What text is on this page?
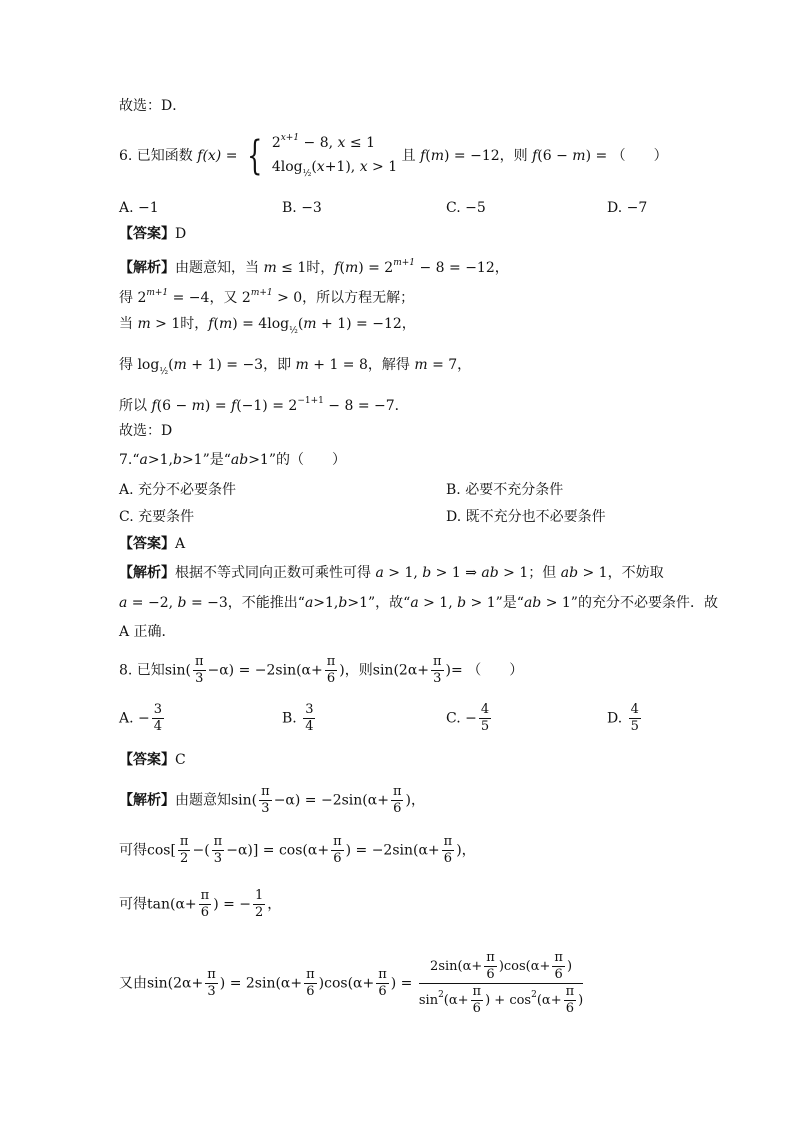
故选：D．
6. 已知函数 f(x) = { $2^{x+1} - 8$, x ≤ 1
$4\log_{\frac{1}{2}}(x+1)$, x > 1
且 f(m) = −12，则 f(6 − m) = （　　）
A. −1	B. −3	C. −5	D. −7
【答案】D
【解析】由题意知，当 m ≤ 1时，$f(m) = 2^{m+1} - 8 = -12$，
得 $2^{m+1} = -4$，又 $2^{m+1} > 0$，所以方程无解；
当 m > 1时，$f(m) = 4\log_{\frac{1}{2}}(m + 1) = -12$，
得 $\log_{\frac{1}{2}}(m + 1) = -3$，即 m + 1 = 8，解得 m = 7，
所以 $f(6 - m) = f(-1) = 2^{-1+1} - 8 = -7$．
故选：D
7.“a>1,b>1”是“ab>1”的（　　）
A. 充分不必要条件	B. 必要不充分条件
C. 充要条件	D. 既不充分也不必要条件
【答案】A
【解析】根据不等式同向正数可乘性可得 a > 1, b > 1 ⇒ ab > 1；但 ab > 1，不妨取
a = −2, b = −3，不能推出“a>1,b>1”，故“a > 1, b > 1”是“ab > 1”的充分不必要条件．故
A 正确．
8. 已知$\sin( \frac{\pi}{3} -\alpha) = -2\sin(\alpha+ \frac{\pi}{6}$ )，则$\sin(2\alpha+ \frac{\pi}{3}$ )= （　　）
A. − $\frac{3}{4}$	B. $\frac{3}{4}$	C. − $\frac{4}{5}$	D. $\frac{4}{5}$
【答案】C
【解析】由题意知$\sin( \frac{\pi}{3} -\alpha) = -2\sin(\alpha+ \frac{\pi}{6}$ )，
可得$\cos[ \frac{\pi}{2}$ −( $\frac{\pi}{3} -\alpha)] = \cos(\alpha+ \frac{\pi}{6}$ ) = $-2\sin(\alpha+ \frac{\pi}{6}$ )，
可得$\tan(\alpha+ \frac{\pi}{6}$ ) = − $\frac{1}{2}$ ，
又由$\sin(2\alpha+ \frac{\pi}{3}$ ) = $2\sin(\alpha+ \frac{\pi}{6} )\cos(\alpha+ \frac{\pi}{6}$ ) = $\frac{2\sin(\alpha+ \frac{\pi}{6} )\cos(\alpha+ \frac{\pi}{6} )}{\sin^2(\alpha+ \frac{\pi}{6} ) + \cos^2(\alpha+ \frac{\pi}{6} )}$
